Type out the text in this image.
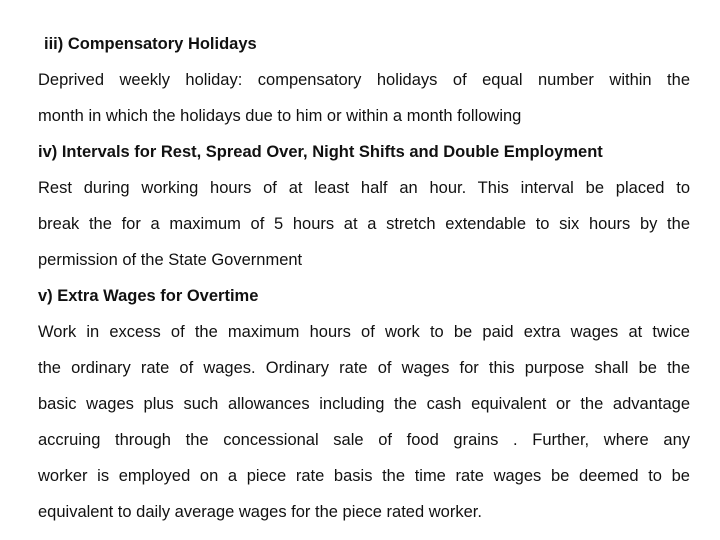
iii) Compensatory Holidays
Deprived weekly holiday: compensatory holidays of equal number within the
month in which the holidays due to him or within a month following
iv) Intervals for Rest, Spread Over, Night Shifts and Double Employment
Rest during working hours of at least half an hour. This interval be placed to
break the for a maximum of 5 hours at a stretch extendable to six hours by the
permission of the State Government
v) Extra Wages for Overtime
Work in excess of the maximum hours of work to be paid extra wages at twice
the ordinary rate of wages. Ordinary rate of wages for this purpose shall be the
basic wages plus such allowances including the cash equivalent or the advantage
accruing through the concessional sale of food grains . Further, where any
worker is employed on a piece rate basis the time rate wages be deemed to be
equivalent to daily average wages for the piece rated worker.
